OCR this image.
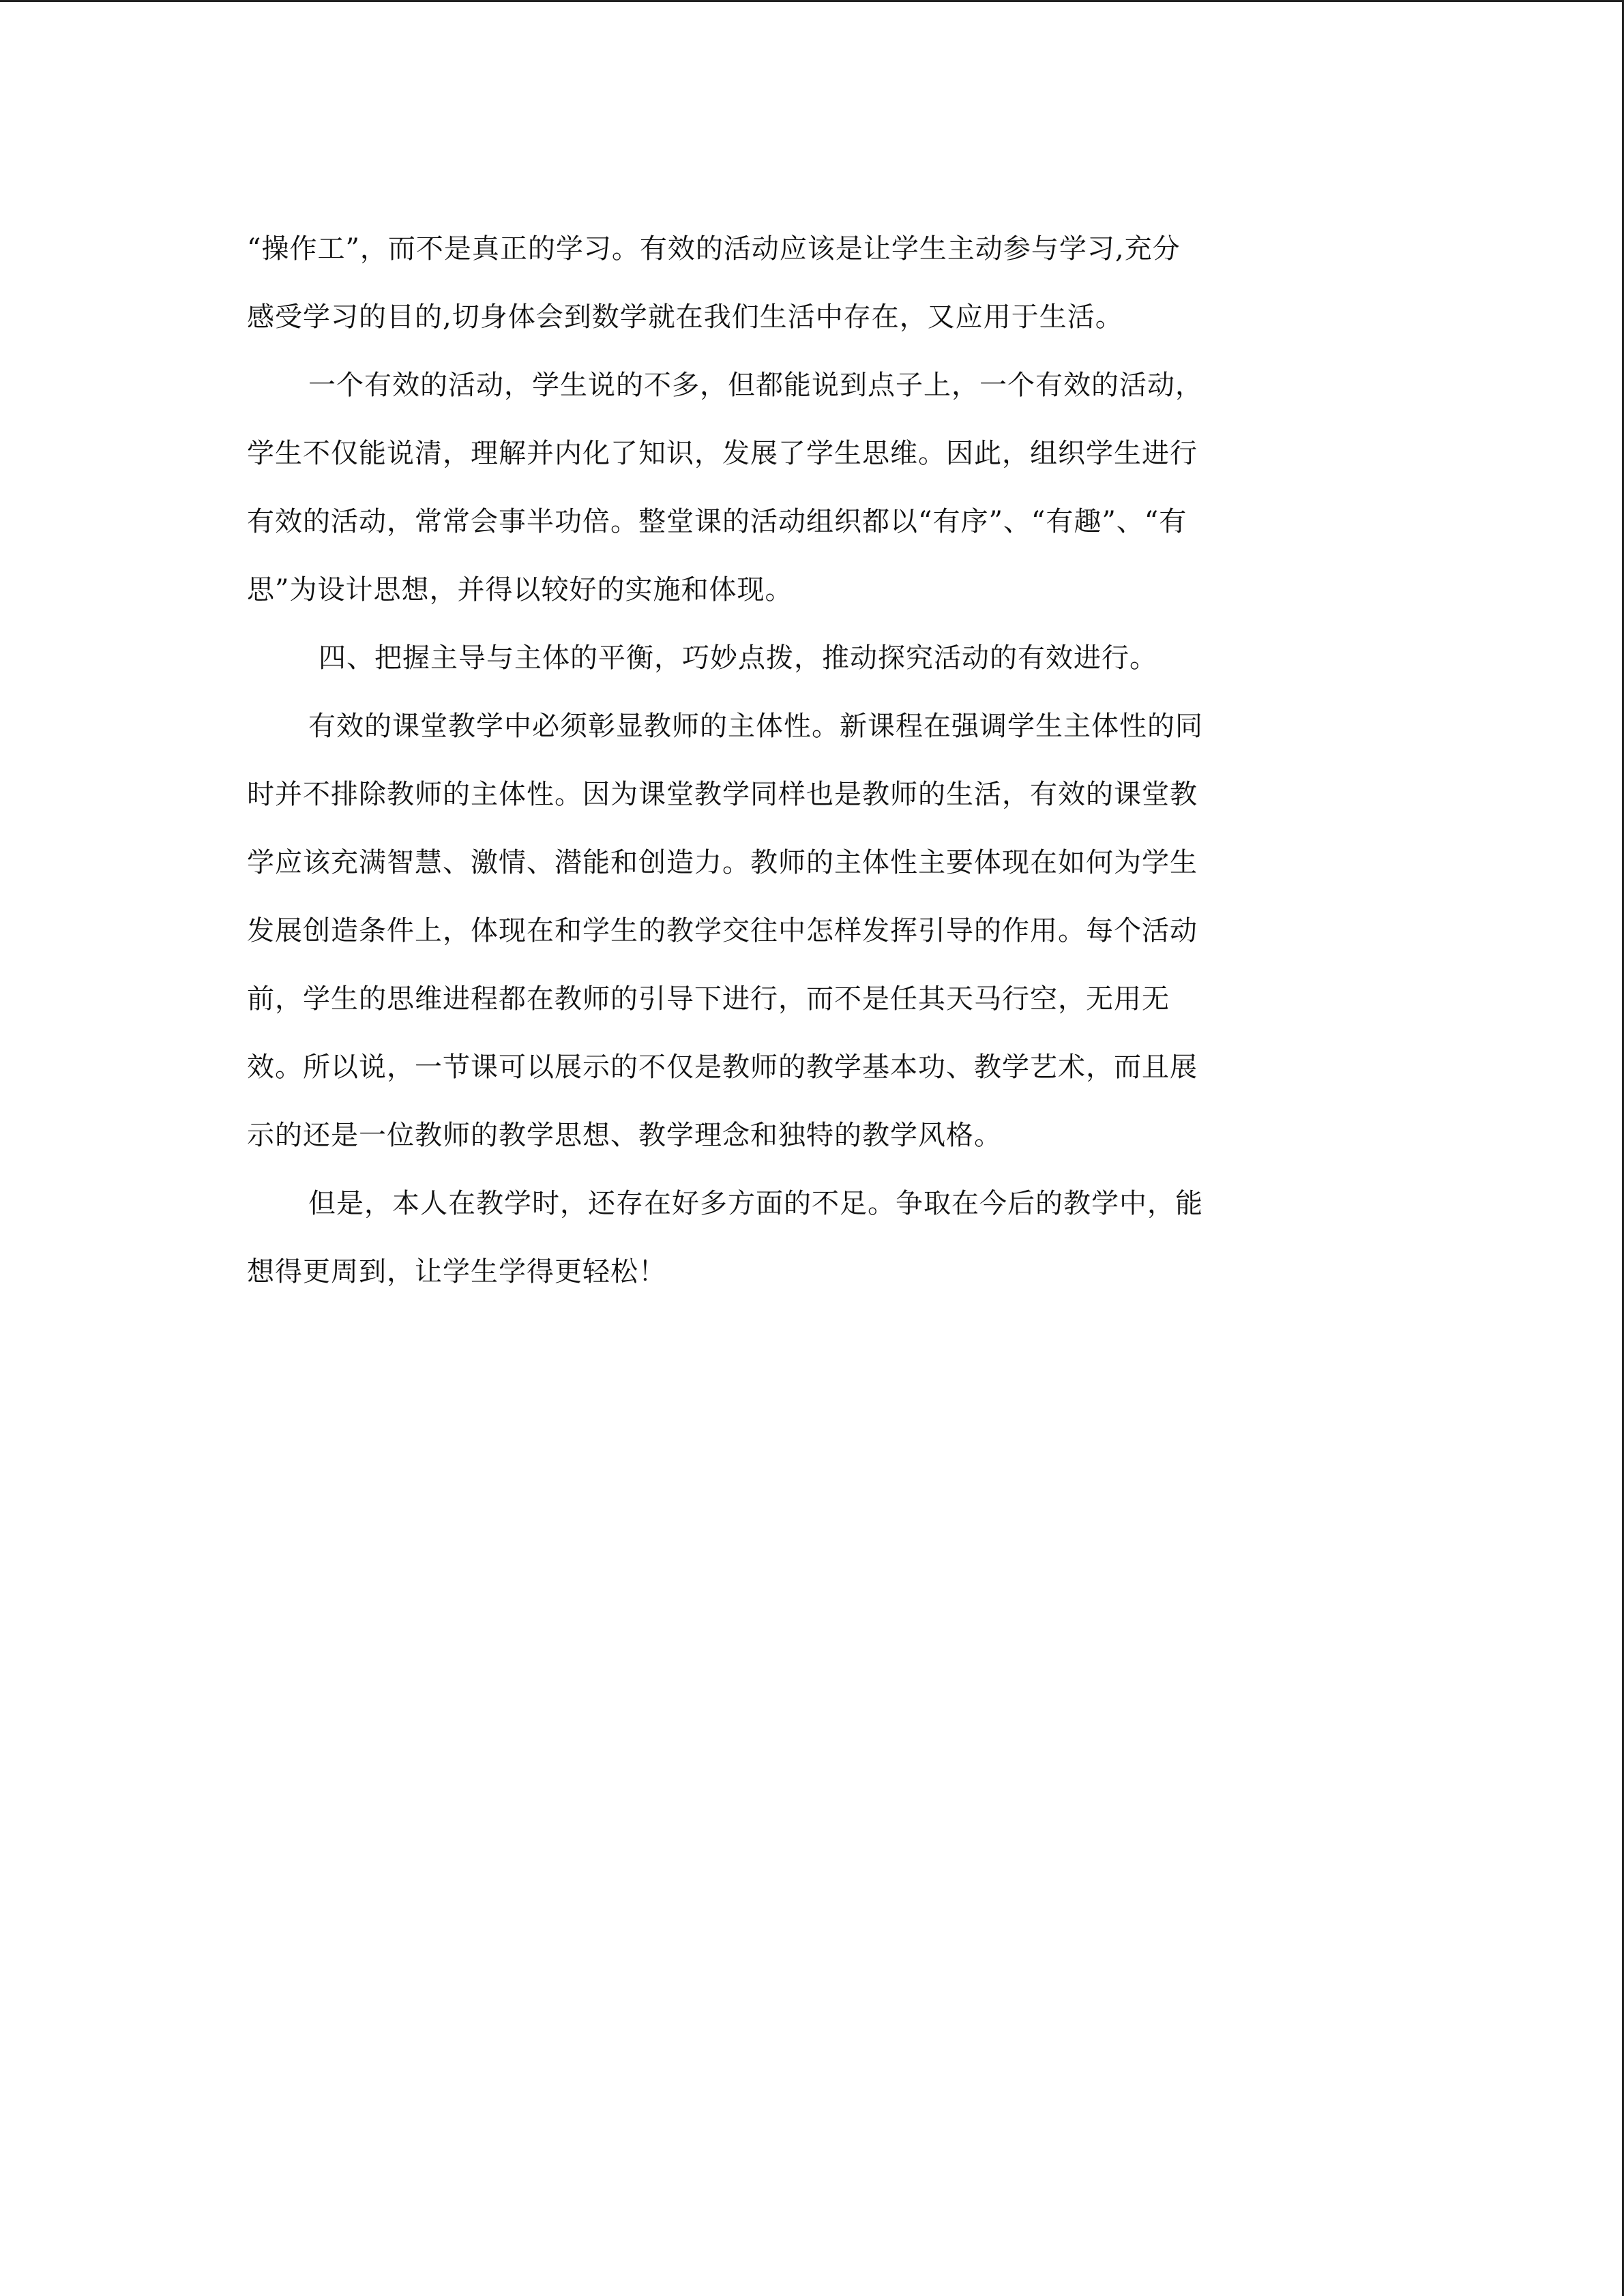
“操作工”，而不是真正的学习。有效的活动应该是让学生主动参与学习,充分
感受学习的目的,切身体会到数学就在我们生活中存在，又应用于生活。
一个有效的活动，学生说的不多，但都能说到点子上，一个有效的活动，
学生不仅能说清，理解并内化了知识，发展了学生思维。因此，组织学生进行
有效的活动，常常会事半功倍。整堂课的活动组织都以“有序”、“有趣”、“有
思”为设计思想，并得以较好的实施和体现。
四、把握主导与主体的平衡，巧妙点拨，推动探究活动的有效进行。
有效的课堂教学中必须彰显教师的主体性。新课程在强调学生主体性的同
时并不排除教师的主体性。因为课堂教学同样也是教师的生活，有效的课堂教
学应该充满智慧、激情、潜能和创造力。教师的主体性主要体现在如何为学生
发展创造条件上，体现在和学生的教学交往中怎样发挥引导的作用。每个活动
前，学生的思维进程都在教师的引导下进行，而不是任其天马行空，无用无
效。所以说，一节课可以展示的不仅是教师的教学基本功、教学艺术，而且展
示的还是一位教师的教学思想、教学理念和独特的教学风格。
但是，本人在教学时，还存在好多方面的不足。争取在今后的教学中，能
想得更周到，让学生学得更轻松！
